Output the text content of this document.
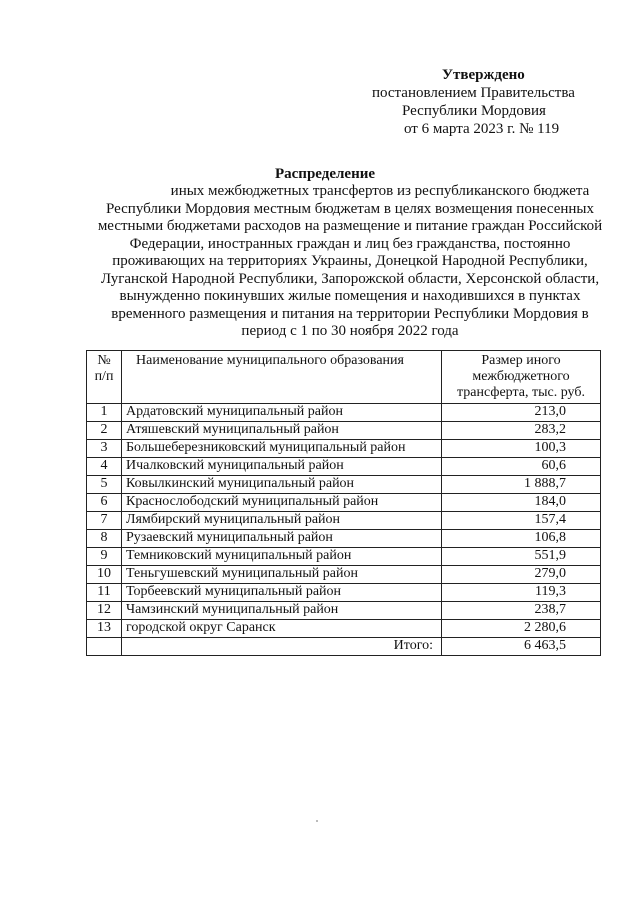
Утверждено
постановлением Правительства
Республики Мордовия
от 6 марта 2023 г. № 119
Распределение
иных межбюджетных трансфертов из республиканского бюджета
Республики Мордовия местным бюджетам в целях возмещения понесенных местными бюджетами расходов на размещение и питание граждан Российской Федерации, иностранных граждан и лиц без гражданства, постоянно проживающих на территориях Украины, Донецкой Народной Республики, Луганской Народной Республики, Запорожской области, Херсонской области, вынужденно покинувших жилые помещения и находившихся в пунктах временного размещения и питания на территории Республики Мордовия в период с 1 по 30 ноября 2022 года
№ п/п	Наименование муниципального образования	Размер иного межбюджетного трансферта, тыс. руб.
1	Ардатовский муниципальный район	213,0
2	Атяшевский муниципальный район	283,2
3	Большеберезниковский муниципальный район	100,3
4	Ичалковский муниципальный район	60,6
5	Ковылкинский муниципальный район	1 888,7
6	Краснослободский муниципальный район	184,0
7	Лямбирский муниципальный район	157,4
8	Рузаевский муниципальный район	106,8
9	Темниковский муниципальный район	551,9
10	Теньгушевский муниципальный район	279,0
11	Торбеевский муниципальный район	119,3
12	Чамзинский муниципальный район	238,7
13	городской округ Саранск	2 280,6
	Итого:	6 463,5
